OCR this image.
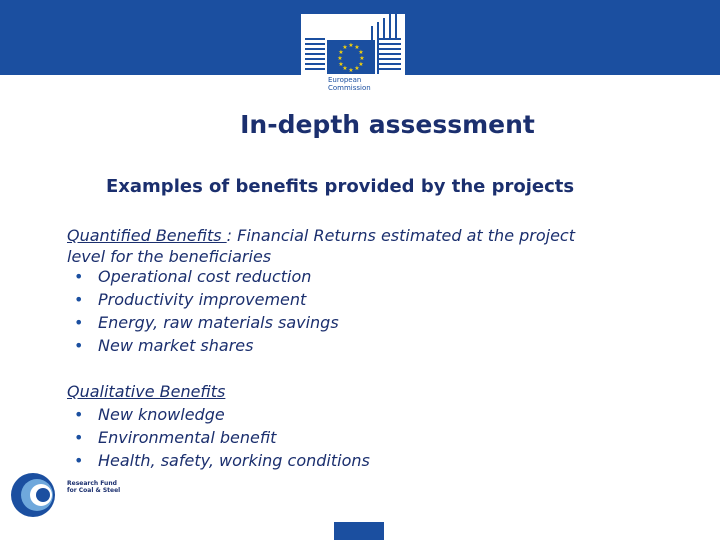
★ ★
★
★
★
★
★
★
★
★
★
★
European
Commission
In-depth assessment
Examples of benefits provided by the projects
Quantified Benefits : Financial Returns estimated at the project
level for the beneficiaries
• Operational cost reduction
• Productivity improvement
• Energy, raw materials savings
• New market shares
Qualitative Benefits
• New knowledge
• Environmental benefit
• Health, safety, working conditions
Research Fund
for Coal & Steel
